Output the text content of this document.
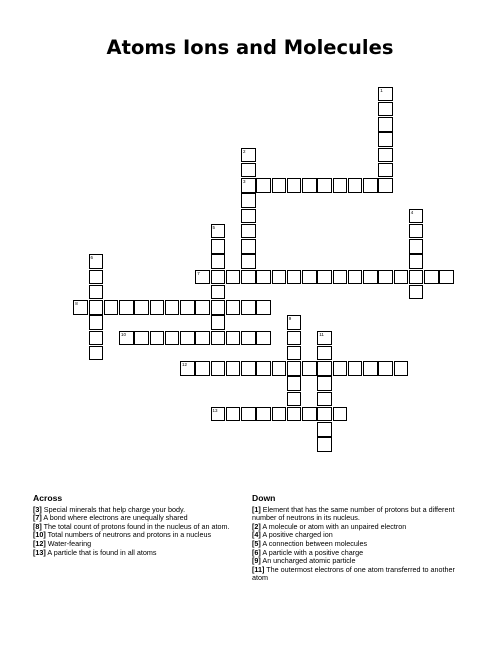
Atoms Ions and Molecules
1
2
3
4
5
6
7
8
9
10	11
12
13
Across
[3] Special minerals that help charge your body.
[7] A bond where electrons are unequally shared
[8] The total count of protons found in the nucleus of an atom.
[10] Total numbers of neutrons and protons in a nucleus
[12] Water-fearing
[13] A particle that is found in all atoms
Down
[1] Element that has the same number of protons but a different number of neutrons in its nucleus.
[2] A molecule or atom with an unpaired electron
[4] A positive charged ion
[5] A connection between molecules
[6] A particle with a positive charge
[9] An uncharged atomic particle
[11] The outermost electrons of one atom transferred to another atom
